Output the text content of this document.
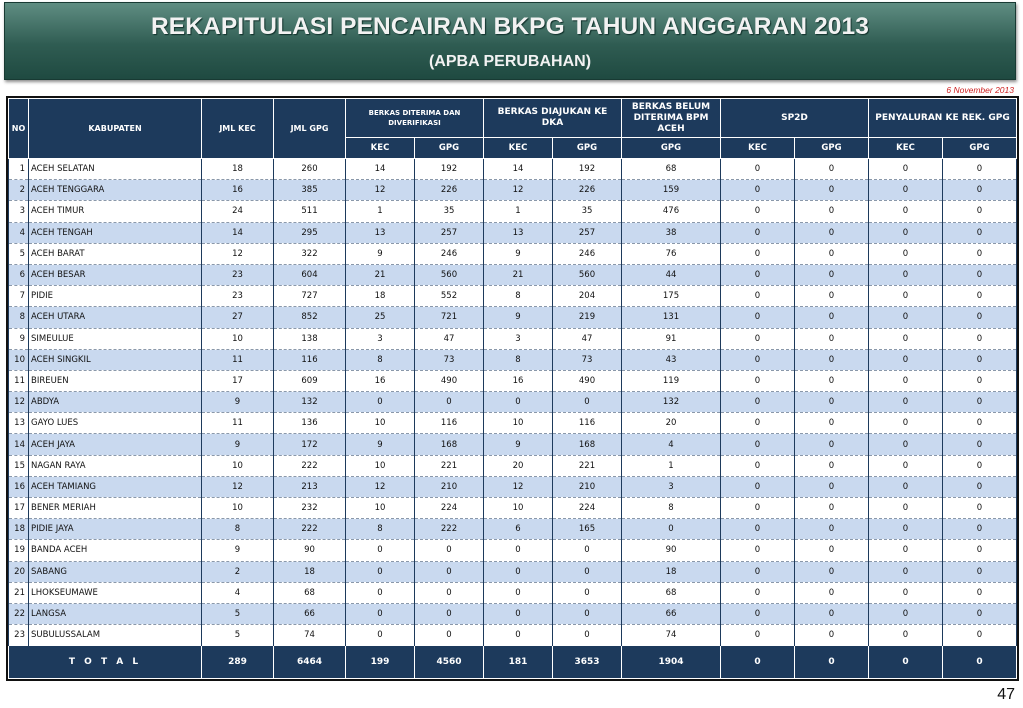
REKAPITULASI PENCAIRAN BKPG TAHUN ANGGARAN 2013
(APBA PERUBAHAN)
6 November 2013
NO	KABUPATEN	JML KEC	JML GPG	BERKAS DITERIMA DAN DIVERIFIKASI		BERKAS DIAJUKAN KE DKA		BERKAS BELUM DITERIMA BPM ACEH	SP2D		PENYALURAN KE REK. GPG	
				KEC	GPG	KEC	GPG	GPG	KEC	GPG	KEC	GPG
1	ACEH SELATAN	18	260	14	192	14	192	68	0	0	0	0
2	ACEH TENGGARA	16	385	12	226	12	226	159	0	0	0	0
3	ACEH TIMUR	24	511	1	35	1	35	476	0	0	0	0
4	ACEH TENGAH	14	295	13	257	13	257	38	0	0	0	0
5	ACEH BARAT	12	322	9	246	9	246	76	0	0	0	0
6	ACEH BESAR	23	604	21	560	21	560	44	0	0	0	0
7	PIDIE	23	727	18	552	8	204	175	0	0	0	0
8	ACEH UTARA	27	852	25	721	9	219	131	0	0	0	0
9	SIMEULUE	10	138	3	47	3	47	91	0	0	0	0
10	ACEH SINGKIL	11	116	8	73	8	73	43	0	0	0	0
11	BIREUEN	17	609	16	490	16	490	119	0	0	0	0
12	ABDYA	9	132	0	0	0	0	132	0	0	0	0
13	GAYO LUES	11	136	10	116	10	116	20	0	0	0	0
14	ACEH JAYA	9	172	9	168	9	168	4	0	0	0	0
15	NAGAN RAYA	10	222	10	221	20	221	1	0	0	0	0
16	ACEH TAMIANG	12	213	12	210	12	210	3	0	0	0	0
17	BENER MERIAH	10	232	10	224	10	224	8	0	0	0	0
18	PIDIE JAYA	8	222	8	222	6	165	0	0	0	0	0
19	BANDA ACEH	9	90	0	0	0	0	90	0	0	0	0
20	SABANG	2	18	0	0	0	0	18	0	0	0	0
21	LHOKSEUMAWE	4	68	0	0	0	0	68	0	0	0	0
22	LANGSA	5	66	0	0	0	0	66	0	0	0	0
23	SUBULUSSALAM	5	74	0	0	0	0	74	0	0	0	0
T O T A L		289	6464	199	4560	181	3653	1904	0	0	0	0
47
